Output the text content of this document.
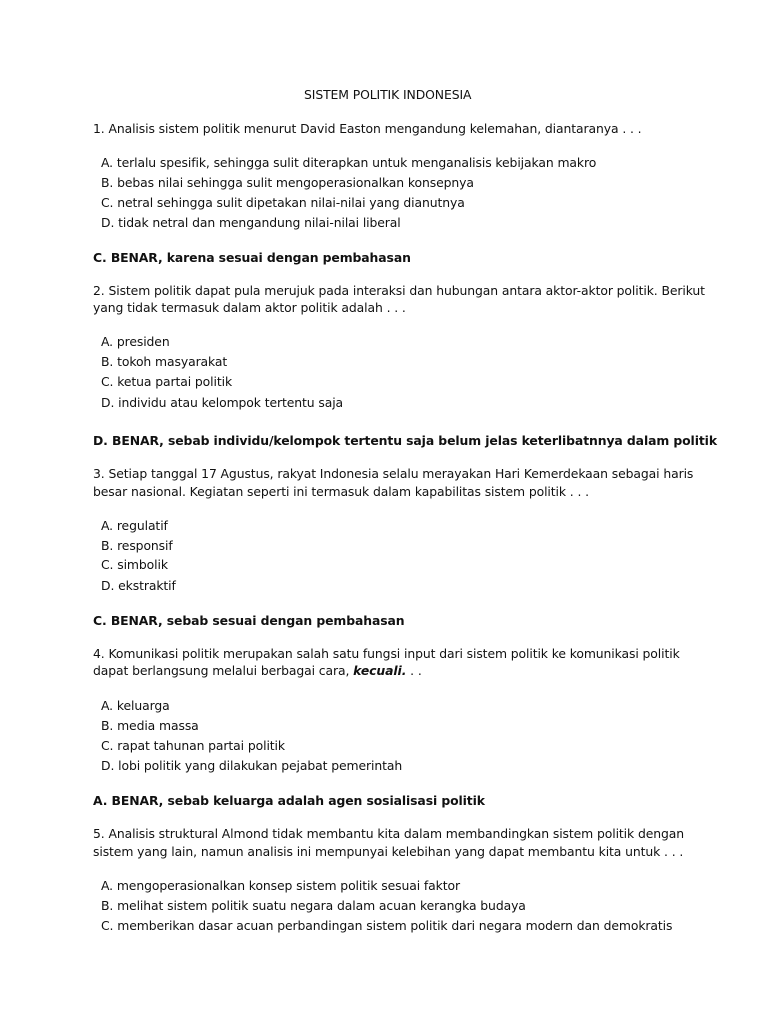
SISTEM POLITIK INDONESIA
1. Analisis sistem politik menurut David Easton mengandung kelemahan, diantaranya . . .
A. terlalu spesifik, sehingga sulit diterapkan untuk menganalisis kebijakan makro
B. bebas nilai sehingga sulit mengoperasionalkan konsepnya
C. netral sehingga sulit dipetakan nilai-nilai yang dianutnya
D. tidak netral dan mengandung nilai-nilai liberal
C. BENAR, karena sesuai dengan pembahasan
2. Sistem politik dapat pula merujuk pada interaksi dan hubungan antara aktor-aktor politik. Berikut
yang tidak termasuk dalam aktor politik adalah . . .
A. presiden
B. tokoh masyarakat
C. ketua partai politik
D. individu atau kelompok tertentu saja
D. BENAR, sebab individu/kelompok tertentu saja belum jelas keterlibatnnya dalam politik
3. Setiap tanggal 17 Agustus, rakyat Indonesia selalu merayakan Hari Kemerdekaan sebagai haris
besar nasional. Kegiatan seperti ini termasuk dalam kapabilitas sistem politik . . .
A. regulatif
B. responsif
C. simbolik
D. ekstraktif
C. BENAR, sebab sesuai dengan pembahasan
4. Komunikasi politik merupakan salah satu fungsi input dari sistem politik ke komunikasi politik
dapat berlangsung melalui berbagai cara, kecuali. . .
A. keluarga
B. media massa
C. rapat tahunan partai politik
D. lobi politik yang dilakukan pejabat pemerintah
A. BENAR, sebab keluarga adalah agen sosialisasi politik
5. Analisis struktural Almond tidak membantu kita dalam membandingkan sistem politik dengan
sistem yang lain, namun analisis ini mempunyai kelebihan yang dapat membantu kita untuk . . .
A. mengoperasionalkan konsep sistem politik sesuai faktor
B. melihat sistem politik suatu negara dalam acuan kerangka budaya
C. memberikan dasar acuan perbandingan sistem politik dari negara modern dan demokratis
